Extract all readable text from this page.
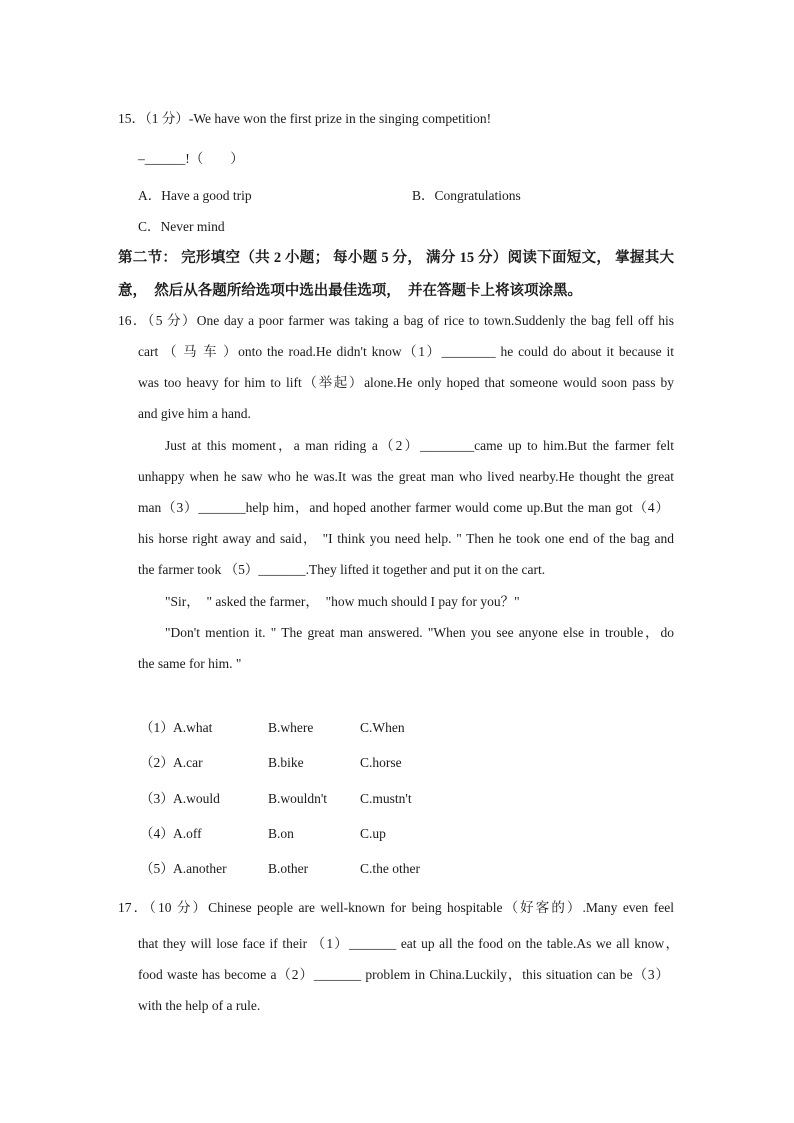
15．（1 分）-We have won the first prize in the singing competition!
–______!（　　）
A．Have a good trip	B．Congratulations
C．Never mind
第二节： 完形填空（共 2 小题； 每小题 5 分， 满分 15 分）阅读下面短文， 掌握其大
意，  然后从各题所给选项中选出最佳选项，  并在答题卡上将该项涂黑。
16．（5 分）One day a poor farmer was taking a bag of rice to town.Suddenly the bag fell off his
cart （ 马 车 ）onto the road.He didn't know（1）________ he could do about it because it
was too heavy for him to lift（举起）alone.He only hoped that someone would soon pass by
and give him a hand.
Just at this moment，a man riding a（2）________came up to him.But the farmer felt
unhappy when he saw who he was.It was the great man who lived nearby.He thought the great
man（3）_______help him，and hoped another farmer would come up.But the man got（4）
his horse right away and said， "I think you need help. " Then he took one end of the bag and
the farmer took （5）_______.They lifted it together and put it on the cart.
"Sir，  " asked the farmer，  "how much should I pay for you？"
"Don't mention it. " The great man answered. "When you see anyone else in trouble，do
the same for him. "
（1） A.what	B.where	C.When
（2） A.car	B.bike	C.horse
（3） A.would	B.wouldn't C.mustn't
（4） A.off	B.on	C.up
（5） A.another	B.other	C.the other
17．（10 分）Chinese people are well-known for being hospitable（好客的）.Many even feel
that they will lose face if their （1）_______ eat up all the food on the table.As we all know，
food waste has become a（2）_______ problem in China.Luckily，this situation can be（3）
with the help of a rule.
